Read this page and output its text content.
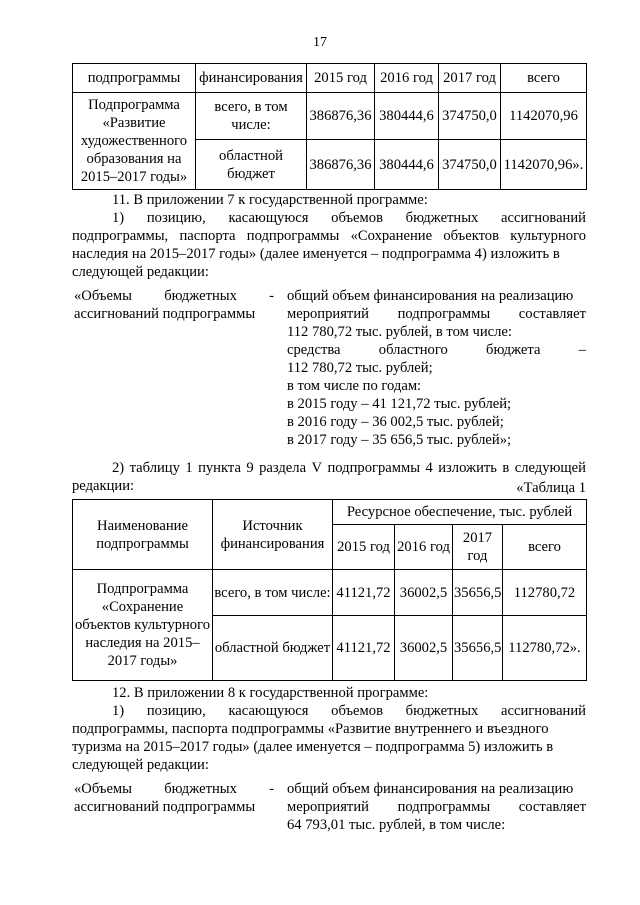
17
подпрограммы	финансирования	2015 год	2016 год	2017 год	всего
Подпрограмма «Развитие художественного образования на 2015–2017 годы»	всего, в том числе:	386876,36	380444,6	374750,0	1142070,96
	областной бюджет	386876,36	380444,6	374750,0	1142070,96».
11. В приложении 7 к государственной программе:
1) позицию, касающуюся объемов бюджетных ассигнований
подпрограммы, паспорта подпрограммы «Сохранение объектов культурного
наследия на 2015–2017 годы» (далее именуется – подпрограмма 4) изложить в
следующей редакции:
«Объемы бюджетных -
ассигнований подпрограммы
общий объем финансирования на реализацию
мероприятий подпрограммы составляет
112 780,72 тыс. рублей, в том числе:
средства	областного	бюджета	–
112 780,72 тыс. рублей;
в том числе по годам:
в 2015 году – 41 121,72 тыс. рублей;
в 2016 году – 36 002,5 тыс. рублей;
в 2017 году – 35 656,5 тыс. рублей»;
2) таблицу 1 пункта 9 раздела V подпрограммы 4 изложить в следующей
редакции:	«Таблица 1
Наименование подпрограммы	Источник финансирования	Ресурсное обеспечение, тыс. рублей			
		2015 год	2016 год	2017 год	всего
Подпрограмма «Сохранение объектов культурного наследия на 2015–2017 годы»	всего, в том числе:	41121,72	36002,5	35656,5	112780,72
	областной бюджет	41121,72	36002,5	35656,5	112780,72».
12. В приложении 8 к государственной программе:
1) позицию, касающуюся объемов бюджетных ассигнований
подпрограммы, паспорта подпрограммы «Развитие внутреннего и въездного
туризма на 2015–2017 годы» (далее именуется – подпрограмма 5) изложить в
следующей редакции:
«Объемы бюджетных -
ассигнований подпрограммы
общий объем финансирования на реализацию
мероприятий подпрограммы составляет
64 793,01 тыс. рублей, в том числе:
